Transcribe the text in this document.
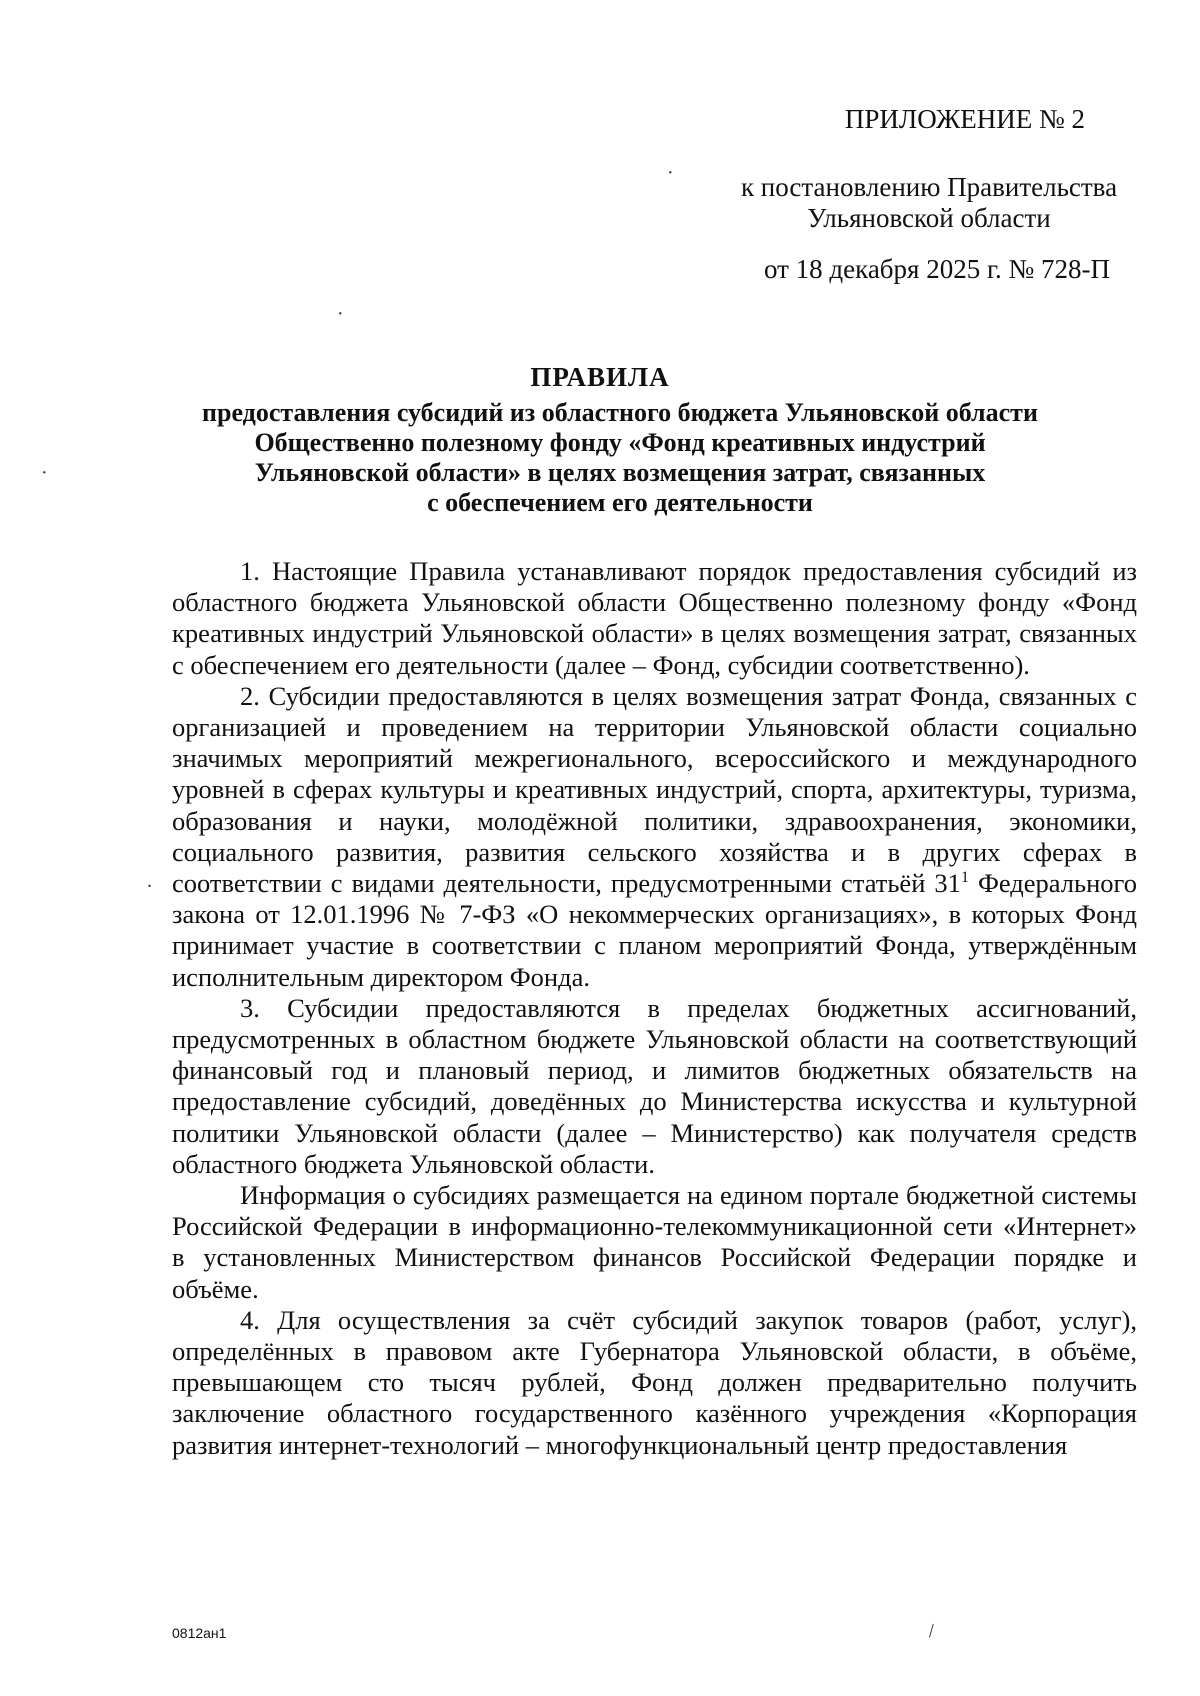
ПРИЛОЖЕНИЕ № 2
к постановлению Правительства
Ульяновской области
от 18 декабря 2025 г. № 728-П
ПРАВИЛА
предоставления субсидий из областного бюджета Ульяновской области
Общественно полезному фонду «Фонд креативных индустрий
Ульяновской области» в целях возмещения затрат, связанных
с обеспечением его деятельности

1. Настоящие Правила устанавливают порядок предоставления субсидий из областного бюджета Ульяновской области Общественно полезному фонду «Фонд креативных индустрий Ульяновской области» в целях возмещения затрат, связанных с обеспечением его деятельности (далее – Фонд, субсидии соответственно).

2. Субсидии предоставляются в целях возмещения затрат Фонда, связанных с организацией и проведением на территории Ульяновской области социально значимых мероприятий межрегионального, всероссийского и международного уровней в сферах культуры и креативных индустрий, спорта, архитектуры, туризма, образования и науки, молодёжной политики, здравоохранения, экономики, социального развития, развития сельского хозяйства и в других сферах в соответствии с видами деятельности, предусмотренными статьёй $31^1$ Федерального закона от 12.01.1996 № 7-ФЗ «О некоммерческих организациях», в которых Фонд принимает участие в соответствии с планом мероприятий Фонда, утверждённым исполнительным директором Фонда.

3. Субсидии предоставляются в пределах бюджетных ассигнований, предусмотренных в областном бюджете Ульяновской области на соответствующий финансовый год и плановый период, и лимитов бюджетных обязательств на предоставление субсидий, доведённых до Министерства искусства и культурной политики Ульяновской области (далее – Министерство) как получателя средств областного бюджета Ульяновской области.

Информация о субсидиях размещается на едином портале бюджетной системы Российской Федерации в информационно-телекоммуникационной сети «Интернет» в установленных Министерством финансов Российской Федерации порядке и объёме.

4. Для осуществления за счёт субсидий закупок товаров (работ, услуг), определённых в правовом акте Губернатора Ульяновской области, в объёме, превышающем сто тысяч рублей, Фонд должен предварительно получить заключение областного государственного казённого учреждения «Корпорация развития интернет-технологий – многофункциональный центр предоставления

0812ан1
·
·
·
.
\
